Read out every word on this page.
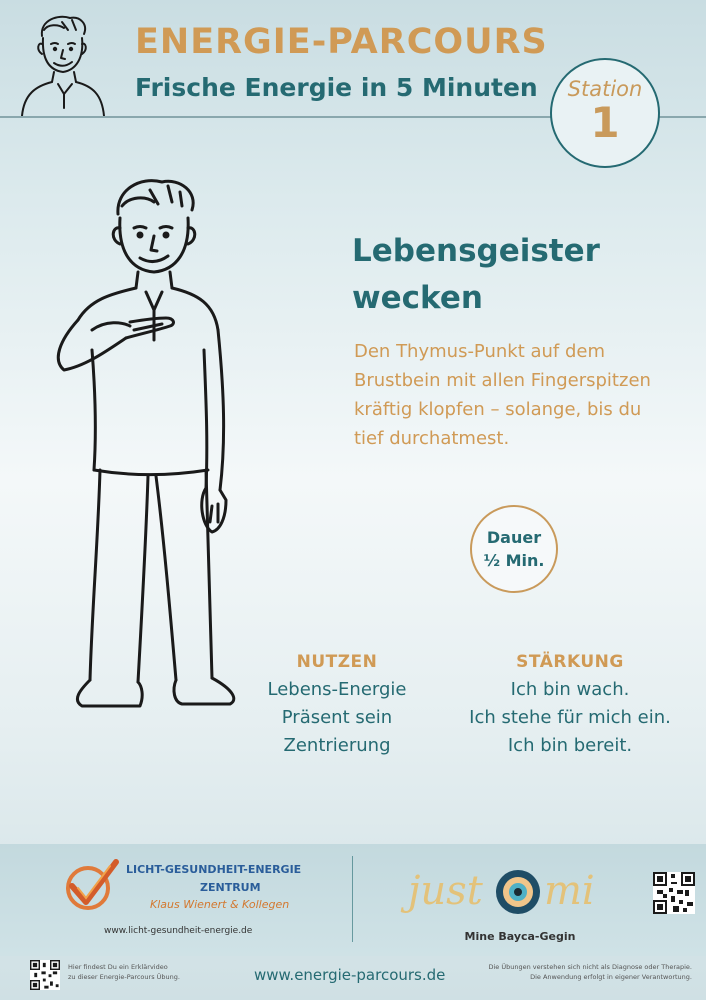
ENERGIE-PARCOURS
Frische Energie in 5 Minuten Station
1
Lebensgeister
wecken
Den Thymus-Punkt auf dem
Brustbein mit allen Fingerspitzen
kräftig klopfen – solange, bis du
tief durchatmest.
Dauer
½ Min.
NUTZEN
Lebens-Energie
Präsent sein
Zentrierung
STÄRKUNG
Ich bin wach.
Ich stehe für mich ein.
Ich bin bereit.
LICHT-GESUNDHEIT-ENERGIE
ZENTRUM
Klaus Wienert & Kollegen
www.licht-gesundheit-energie.de
just mi
Mine Bayca-Gegin
Hier findest Du ein Erklärvideo
zu dieser Energie-Parcours Übung.	www.energie-parcours.de	Die Übungen verstehen sich nicht als Diagnose oder Therapie.
Die Anwendung erfolgt in eigener Verantwortung.
